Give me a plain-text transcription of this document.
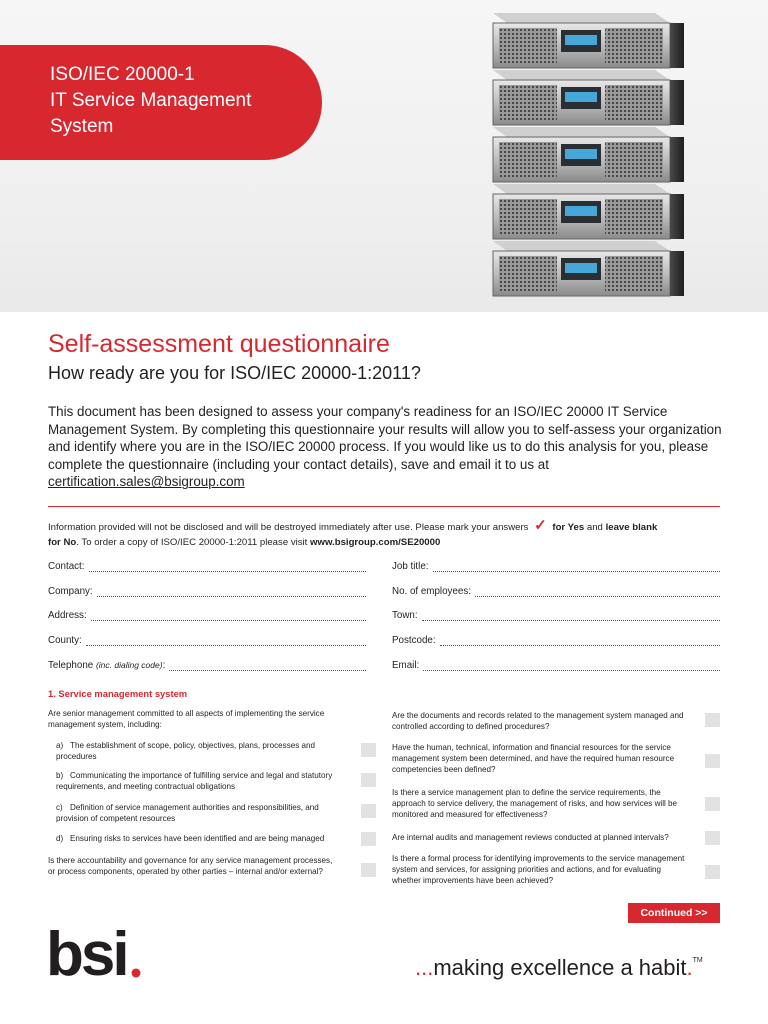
ISO/IEC 20000-1
IT Service Management
System
Self-assessment questionnaire
How ready are you for ISO/IEC 20000-1:2011?
This document has been designed to assess your company's readiness for an ISO/IEC 20000 IT Service Management System. By completing this questionnaire your results will allow you to self-assess your organization and identify where you are in the ISO/IEC 20000 process. If you would like us to do this analysis for you, please complete the questionnaire (including your contact details), save and email it to us at certification.sales@bsigroup.com
Information provided will not be disclosed and will be destroyed immediately after use. Please mark your answers ✓ for Yes and leave blank
for No. To order a copy of ISO/IEC 20000-1:2011 please visit www.bsigroup.com/SE20000
Contact:
Company:
Address:
County:
Telephone (inc. dialing code):
Job title:
No. of employees:
Town:
Postcode:
Email:
1. Service management system
Are senior management committed to all aspects of implementing the service management system, including:
a) The establishment of scope, policy, objectives, plans, processes and procedures
b) Communicating the importance of fulfilling service and legal and statutory requirements, and meeting contractual obligations
c) Definition of service management authorities and responsibilities, and provision of competent resources
d) Ensuring risks to services have been identified and are being managed
Is there accountability and governance for any service management processes, or process components, operated by other parties – internal and/or external?
Are the documents and records related to the management system managed and controlled according to defined procedures?
Have the human, technical, information and financial resources for the service management system been determined, and have the required human resource competencies been defined?
Is there a service management plan to define the service requirements, the approach to service delivery, the management of risks, and how services will be monitored and measured for effectiveness?
Are internal audits and management reviews conducted at planned intervals?
Is there a formal process for identifying improvements to the service management system and services, for assigning priorities and actions, and for evaluating whether improvements have been achieved?
Continued >>
bsi	...making excellence a habit.™
